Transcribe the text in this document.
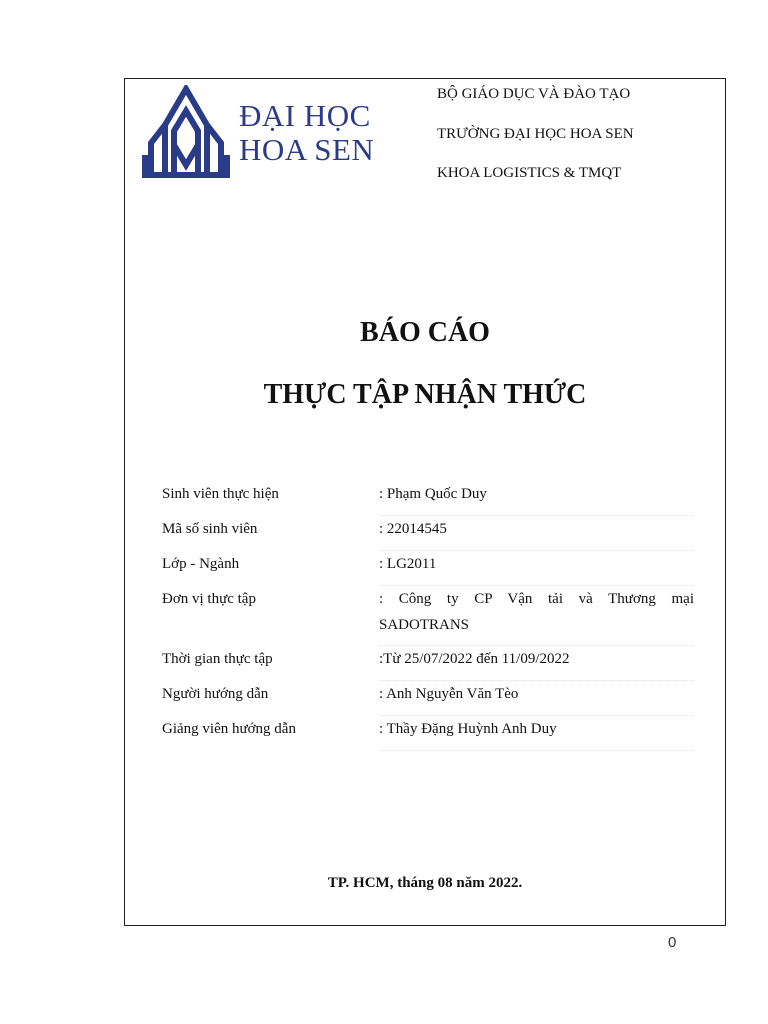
ĐẠI HỌC
HOA SEN
BỘ GIÁO DỤC VÀ ĐÀO TẠO
TRƯỜNG ĐẠI HỌC HOA SEN
KHOA LOGISTICS & TMQT
BÁO CÁO
THỰC TẬP NHẬN THỨC
Sinh viên thực hiện	: Phạm Quốc Duy
Mã số sinh viên	: 22014545
Lớp - Ngành	: LG2011
Đơn vị thực tập	: Công ty CP Vận tải và Thương mại
SADOTRANS
Thời gian thực tập	:Từ 25/07/2022 đến 11/09/2022
Người hướng dẫn	: Anh Nguyễn Văn Tèo
Giảng viên hướng dẫn	: Thầy Đặng Huỳnh Anh Duy
TP. HCM, tháng 08 năm 2022.
0
